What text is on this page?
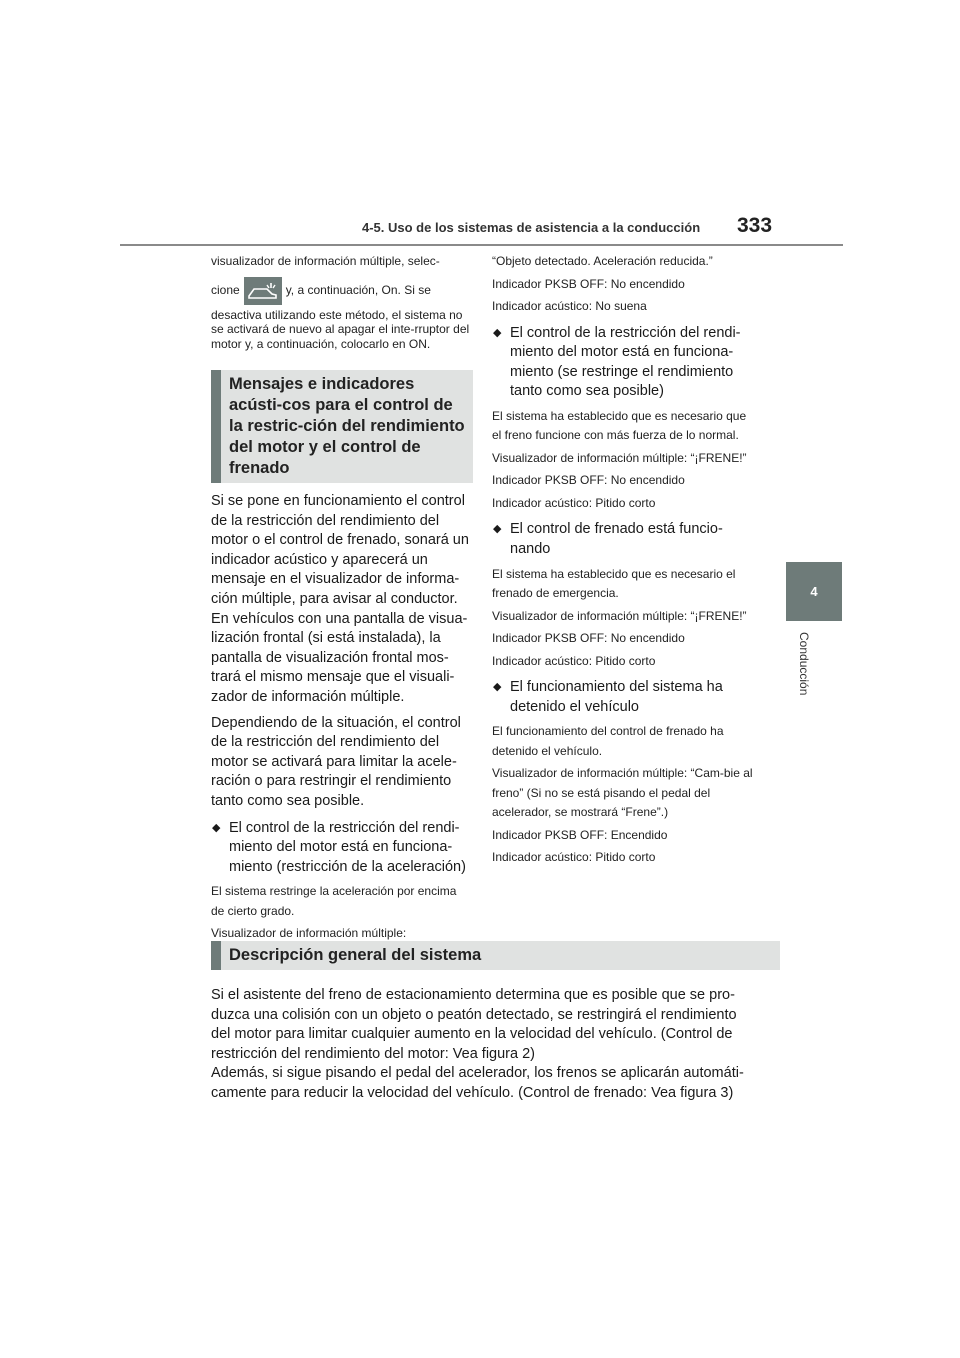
4-5. Uso de los sistemas de asistencia a la conducción 333
4
Conducción

visualizador de información múltiple, selec-

cione	y, a continuación, On. Si se

desactiva utilizando este método, el sistema no se activará de nuevo al apagar el inte-rruptor del motor y, a continuación, colocarlo en ON.

Mensajes e indicadores acústi-cos para el control de la restric-ción del rendimiento del motor y el control de frenado

Si se pone en funcionamiento el control de la restricción del rendimiento del motor o el control de frenado, sonará un indicador acústico y aparecerá un mensaje en el visualizador de informa-ción múltiple, para avisar al conductor. En vehículos con una pantalla de visua-lización frontal (si está instalada), la pantalla de visualización frontal mos-trará el mismo mensaje que el visuali-zador de información múltiple.

Dependiendo de la situación, el control de la restricción del rendimiento del motor se activará para limitar la acele-ración o para restringir el rendimiento tanto como sea posible.

◆ El control de la restricción del rendi-miento del motor está en funciona-miento (restricción de la aceleración)

El sistema restringe la aceleración por encima de cierto grado.

Visualizador de información múltiple:

“Objeto detectado. Aceleración reducida.”

Indicador PKSB OFF: No encendido

Indicador acústico: No suena

◆ El control de la restricción del rendi-miento del motor está en funciona-miento (se restringe el rendimiento tanto como sea posible)

El sistema ha establecido que es necesario que el freno funcione con más fuerza de lo normal.

Visualizador de información múltiple: “¡FRENE!”

Indicador PKSB OFF: No encendido

Indicador acústico: Pitido corto

◆ El control de frenado está funcio-nando

El sistema ha establecido que es necesario el frenado de emergencia.

Visualizador de información múltiple: “¡FRENE!”

Indicador PKSB OFF: No encendido

Indicador acústico: Pitido corto

◆ El funcionamiento del sistema ha detenido el vehículo

El funcionamiento del control de frenado ha detenido el vehículo.

Visualizador de información múltiple: “Cam-bie al freno” (Si no se está pisando el pedal del acelerador, se mostrará “Frene”.)

Indicador PKSB OFF: Encendido

Indicador acústico: Pitido corto

Descripción general del sistema

Si el asistente del freno de estacionamiento determina que es posible que se pro-duzca una colisión con un objeto o peatón detectado, se restringirá el rendimiento del motor para limitar cualquier aumento en la velocidad del vehículo. (Control de restricción del rendimiento del motor: Vea figura 2)

Además, si sigue pisando el pedal del acelerador, los frenos se aplicarán automáti-camente para reducir la velocidad del vehículo. (Control de frenado: Vea figura 3)
